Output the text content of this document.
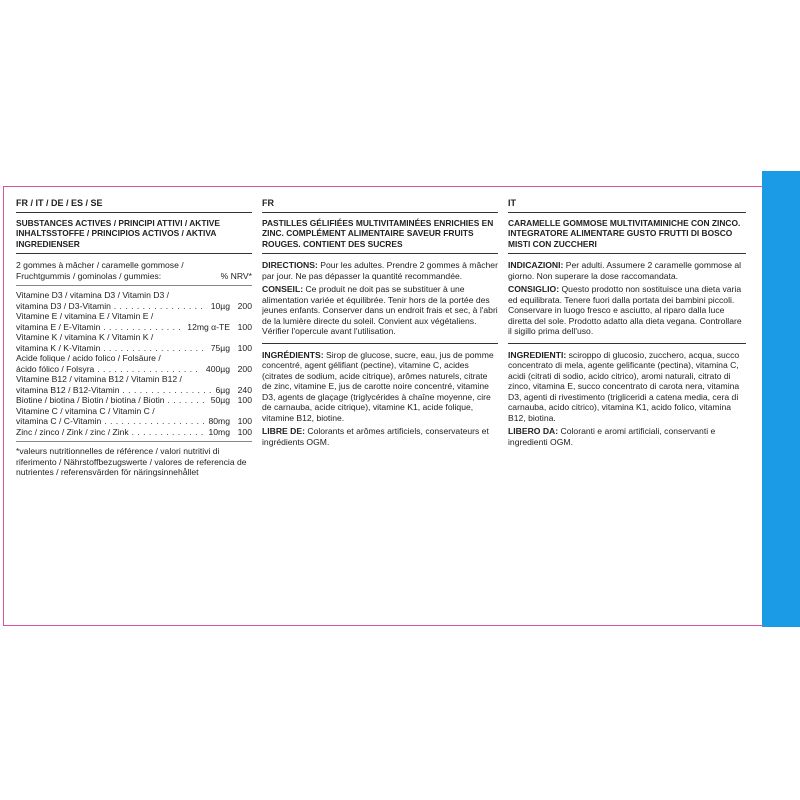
FR / IT / DE / ES / SE
SUBSTANCES ACTIVES / PRINCIPI ATTIVI / AKTIVE INHALTSSTOFFE / PRINCIPIOS ACTIVOS / AKTIVA INGREDIENSER
2 gommes à mâcher / caramelle gommose / Fruchtgummis / gominolas / gummies:	% NRV*
Vitamine D3 / vitamina D3 / Vitamin D3 /
vitamina D3 / D3-Vitamin . . .	10µg 200
Vitamine E / vitamina E / Vitamin E /
vitamina E / E-Vitamin . . .	12mg α-TE 100
Vitamine K / vitamina K / Vitamin K /
vitamina K / K-Vitamin . . .	75µg 100
Acide folique / acido folico / Folsäure /
ácido fólico / Folsyra . . .	400µg 200
Vitamine B12 / vitamina B12 / Vitamin B12 /
vitamina B12 / B12-Vitamin . . .	6µg 240
Biotine / biotina / Biotin / biotina / Biotin . . .	50µg 100
Vitamine C / vitamina C / Vitamin C /
vitamina C / C-Vitamin . . .	80mg 100
Zinc / zinco / Zink / zinc / Zink . . .	10mg 100
*valeurs nutritionnelles de référence / valori nutritivi di riferimento / Nährstoffbezugswerte / valores de referencia de nutrientes / referensvärden för näringsinnehållet
FR
PASTILLES GÉLIFIÉES MULTIVITAMINÉES ENRICHIES EN ZINC. COMPLÉMENT ALIMENTAIRE SAVEUR FRUITS ROUGES. CONTIENT DES SUCRES

DIRECTIONS: Pour les adultes. Prendre 2 gommes à mâcher par jour. Ne pas dépasser la quantité recommandée.

CONSEIL: Ce produit ne doit pas se substituer à une alimentation variée et équilibrée. Tenir hors de la portée des jeunes enfants. Conserver dans un endroit frais et sec, à l'abri de la lumière directe du soleil. Convient aux végétaliens. Vérifier l'opercule avant l'utilisation.

INGRÉDIENTS: Sirop de glucose, sucre, eau, jus de pomme concentré, agent gélifiant (pectine), vitamine C, acides (citrates de sodium, acide citrique), arômes naturels, citrate de zinc, vitamine E, jus de carotte noire concentré, vitamine D3, agents de glaçage (triglycérides à chaîne moyenne, cire de carnauba, acide citrique), vitamine K1, acide folique, vitamine B12, biotine.

LIBRE DE: Colorants et arômes artificiels, conservateurs et ingrédients OGM.

IT
CARAMELLE GOMMOSE MULTIVITAMINICHE CON ZINCO. INTEGRATORE ALIMENTARE GUSTO FRUTTI DI BOSCO MISTI CON ZUCCHERI

INDICAZIONI: Per adulti. Assumere 2 caramelle gommose al giorno. Non superare la dose raccomandata.

CONSIGLIO: Questo prodotto non sostituisce una dieta varia ed equilibrata. Tenere fuori dalla portata dei bambini piccoli. Conservare in luogo fresco e asciutto, al riparo dalla luce diretta del sole. Prodotto adatto alla dieta vegana. Controllare il sigillo prima dell'uso.

INGREDIENTI: sciroppo di glucosio, zucchero, acqua, succo concentrato di mela, agente gelificante (pectina), vitamina C, acidi (citrati di sodio, acido citrico), aromi naturali, citrato di zinco, vitamina E, succo concentrato di carota nera, vitamina D3, agenti di rivestimento (trigliceridi a catena media, cera di carnauba, acido citrico), vitamina K1, acido folico, vitamina B12, biotina.

LIBERO DA: Coloranti e aromi artificiali, conservanti e ingredienti OGM.
